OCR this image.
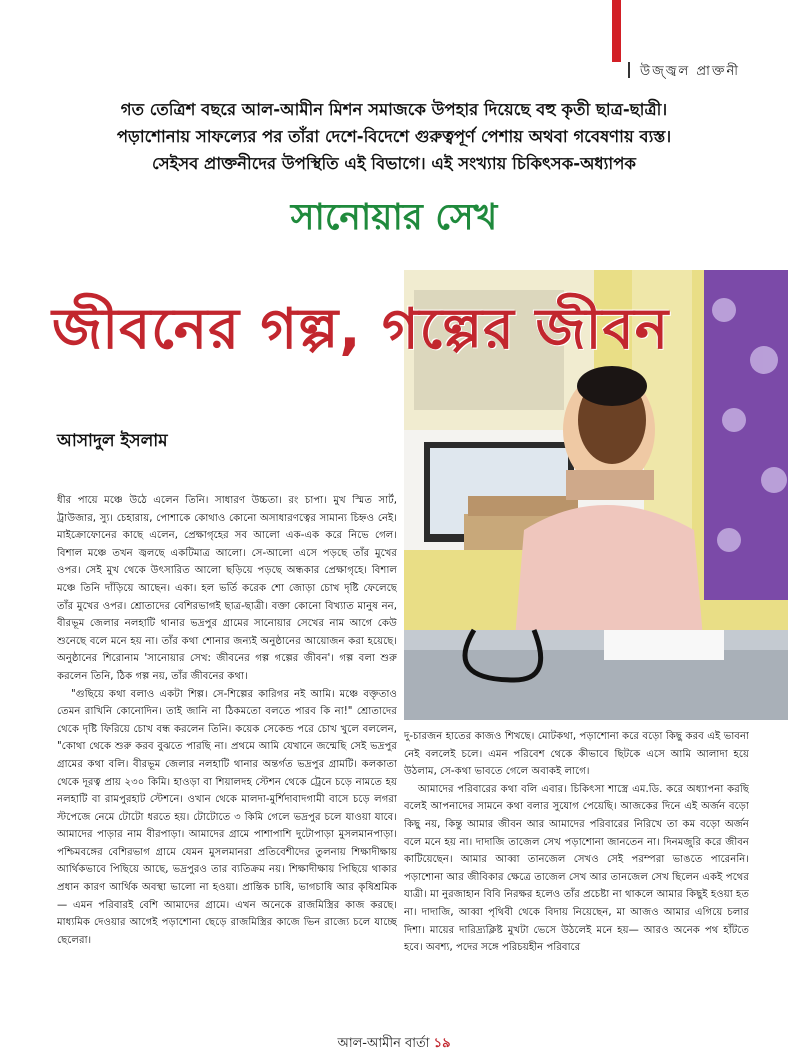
উজ্জ্বল প্রাক্তনী
গত তেত্রিশ বছরে আল-আমীন মিশন সমাজকে উপহার দিয়েছে বহু কৃতী ছাত্র-ছাত্রী।
পড়াশোনায় সাফল্যের পর তাঁরা দেশে-বিদেশে গুরুত্বপূর্ণ পেশায় অথবা গবেষণায় ব্যস্ত।
সেইসব প্রাক্তনীদের উপস্থিতি এই বিভাগে। এই সংখ্যায় চিকিৎসক-অধ্যাপক
সানোয়ার সেখ
জীবনের গল্প, গল্পের জীবন
আসাদুল ইসলাম

ধীর পায়ে মঞ্চে উঠে এলেন তিনি। সাধারণ উচ্চতা। রং চাপা। মুখ স্মিত সার্ট, ট্রাউজার, স্যু। চেহারায়, পোশাকে কোথাও কোনো অসাধারণত্বের সামান্য চিহ্নও নেই। মাইক্রোফোনের কাছে এলেন, প্রেক্ষাগৃহের সব আলো এক-এক করে নিভে গেল। বিশাল মঞ্চে তখন জ্বলছে একটিমাত্র আলো। সে-আলো এসে পড়ছে তাঁর মুখের ওপর। সেই মুখ থেকে উৎসারিত আলো ছড়িয়ে পড়ছে অন্ধকার প্রেক্ষাগৃহে। বিশাল মঞ্চে তিনি দাঁড়িয়ে আছেন। একা। হল ভর্তি করেক শো জোড়া চোখ দৃষ্টি ফেলেছে তাঁর মুখের ওপর। শ্রোতাদের বেশিরভাগই ছাত্র-ছাত্রী। বক্তা কোনো বিখ্যাত মানুষ নন, বীরভূম জেলার নলহাটি থানার ভদ্রপুর গ্রামের সানোয়ার সেখের নাম আগে কেউ শুনেছে বলে মনে হয় না। তাঁর কথা শোনার জন্যই অনুষ্ঠানের আয়োজন করা হয়েছে। অনুষ্ঠানের শিরোনাম 'সানোয়ার সেখ: জীবনের গল্প গল্পের জীবন'। গল্প বলা শুরু করলেন তিনি, ঠিক গল্প নয়, তাঁর জীবনের কথা।

"গুছিয়ে কথা বলাও একটা শিল্প। সে-শিল্পের কারিগর নই আমি। মঞ্চে বক্তৃতাও তেমন রাখিনি কোনোদিন। তাই জানি না ঠিকমতো বলতে পারব কি না!" শ্রোতাদের থেকে দৃষ্টি ফিরিয়ে চোখ বন্ধ করলেন তিনি। কয়েক সেকেন্ড পরে চোখ খুলে বললেন, "কোথা থেকে শুরু করব বুঝতে পারছি না। প্রথমে আমি যেখানে জন্মেছি সেই ভদ্রপুর গ্রামের কথা বলি। বীরভূম জেলার নলহাটি থানার অন্তর্গত ভদ্রপুর গ্রামটি। কলকাতা থেকে দূরত্ব প্রায় ২৩০ কিমি। হাওড়া বা শিয়ালদহ স্টেশন থেকে ট্রেনে চড়ে নামতে হয় নলহাটি বা রামপুরহাট স্টেশনে। ওখান থেকে মালদা-মুর্শিদাবাদগামী বাসে চড়ে লগরা স্টপেজে নেমে টোটো ধরতে হয়। টোটোতে ৩ কিমি গেলে ভদ্রপুর চলে যাওয়া যাবে। আমাদের পাড়ার নাম বীরপাড়া। আমাদের গ্রামে পাশাপাশি দুটোপাড়া মুসলমানপাড়া। পশ্চিমবঙ্গের বেশিরভাগ গ্রামে যেমন মুসলমানরা প্রতিবেশীদের তুলনায় শিক্ষাদীক্ষায় আর্থিকভাবে পিছিয়ে আছে, ভদ্রপুরও তার ব্যতিক্রম নয়। শিক্ষাদীক্ষায় পিছিয়ে থাকার প্রধান কারণ আর্থিক অবস্থা ভালো না হওয়া। প্রান্তিক চাষি, ভাগচাষি আর কৃষিশ্রমিক— এমন পরিবারই বেশি আমাদের গ্রামে। এখন অনেকে রাজমিস্ত্রির কাজ করছে। মাধ্যমিক দেওয়ার আগেই পড়াশোনা ছেড়ে রাজমিস্ত্রির কাজে ভিন রাজ্যে চলে যাচ্ছে ছেলেরা।

দু-চারজন হাতের কাজও শিখছে। মোটকথা, পড়াশোনা করে বড়ো কিছু করব এই ভাবনা নেই বললেই চলে। এমন পরিবেশ থেকে কীভাবে ছিটকে এসে আমি আলাদা হয়ে উঠলাম, সে-কথা ভাবতে গেলে অবাকই লাগে।

আমাদের পরিবারের কথা বলি এবার। চিকিৎসা শাস্ত্রে এম.ডি. করে অধ্যাপনা করছি বলেই আপনাদের সামনে কথা বলার সুযোগ পেয়েছি। আজকের দিনে এই অর্জন বড়ো কিছু নয়, কিন্তু আমার জীবন আর আমাদের পরিবারের নিরিখে তা কম বড়ো অর্জন বলে মনে হয় না। দাদাজি তাজেল সেখ পড়াশোনা জানতেন না। দিনমজুরি করে জীবন কাটিয়েছেন। আমার আব্বা তানজেল সেখও সেই পরম্পরা ভাঙতে পারেননি। পড়াশোনা আর জীবিকার ক্ষেত্রে তাজেল সেখ আর তানজেল সেখ ছিলেন একই পথের যাত্রী। মা নুরজাহান বিবি নিরক্ষর হলেও তাঁর প্রচেষ্টা না থাকলে আমার কিছুই হওয়া হত না। দাদাজি, আব্বা পৃথিবী থেকে বিদায় নিয়েছেন, মা আজও আমার এগিয়ে চলার দিশা। মায়ের দারিদ্র্যক্লিষ্ট মুখটা ভেসে উঠলেই মনে হয়— আরও অনেক পথ হাঁটতে হবে। অবশ্য, পদের সঙ্গে পরিচয়হীন পরিবারে

আল-আমীন বার্তা ১৯
